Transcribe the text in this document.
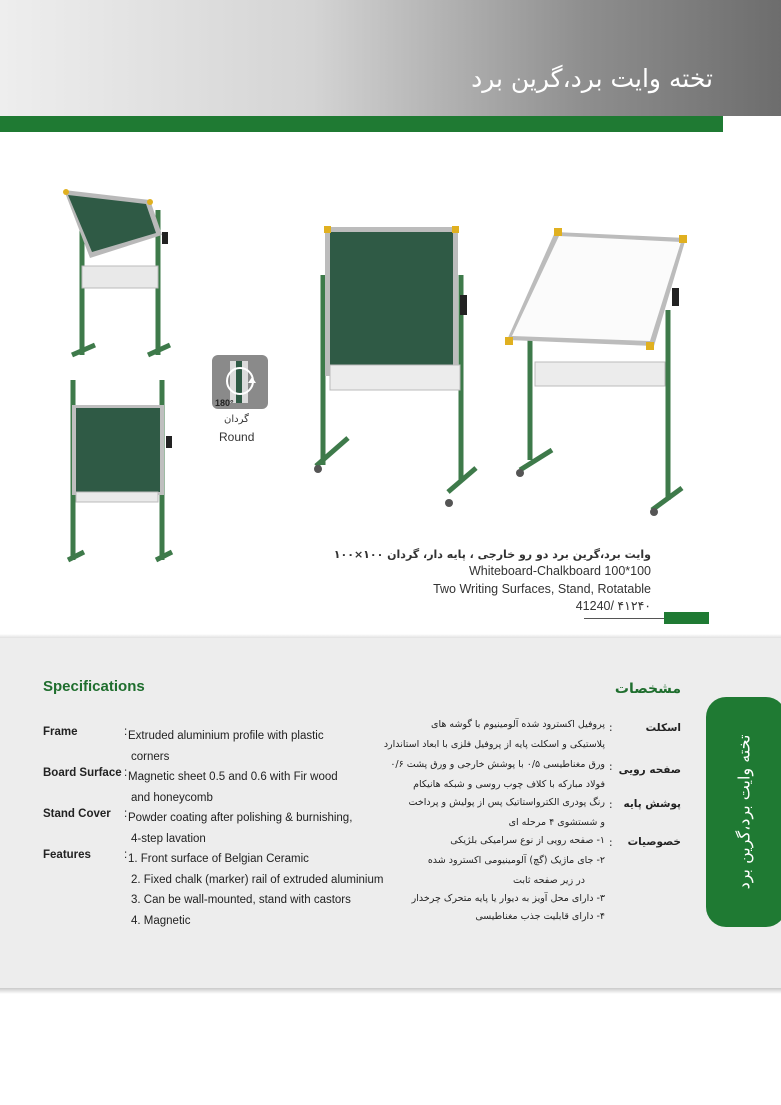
تخته وایت برد،گرین برد
180°
گردان
Round
وایت برد،گرین برد دو رو خارجی ، پایه دار، گردان ۱۰۰×۱۰۰
Whiteboard-Chalkboard 100*100
Two Writing Surfaces, Stand, Rotatable
41240/ ۴۱۲۴۰
Specifications	مشخصات
Frame	: Extruded aluminium profile with plastic
corners
Board Surface : Magnetic sheet 0.5 and 0.6 with Fir wood
and honeycomb
Stand Cover	: Powder coating after polishing & burnishing,
4-step lavation
Features	: 1. Front surface of Belgian Ceramic
2. Fixed chalk (marker) rail of extruded aluminium
3. Can be wall-mounted, stand with castors
4. Magnetic
اسکلت
:
پروفیل اکسترود شده آلومینیوم با گوشه های
پلاستیکی و اسکلت پایه از پروفیل فلزی با ابعاد استاندارد
صفحه رویی
:
ورق مغناطیسی ۰/۵ با پوشش خارجی و ورق پشت ۰/۶
فولاد مبارکه با کلاف چوب روسی و شبکه هانیکام
پوشش پایه
:
رنگ پودری الکترواستاتیک پس از پولیش و پرداخت
و شستشوی ۴ مرحله ای
خصوصیات
:
۱- صفحه رویی از نوع سرامیکی بلژیکی
۲- جای ماژیک (گچ) آلومینیومی اکسترود شده
در زیر صفحه ثابت
۳- دارای محل آویز به دیوار یا پایه متحرک چرخدار
۴- دارای قابلیت جذب مغناطیسی
تخته وایت برد،گرین برد
